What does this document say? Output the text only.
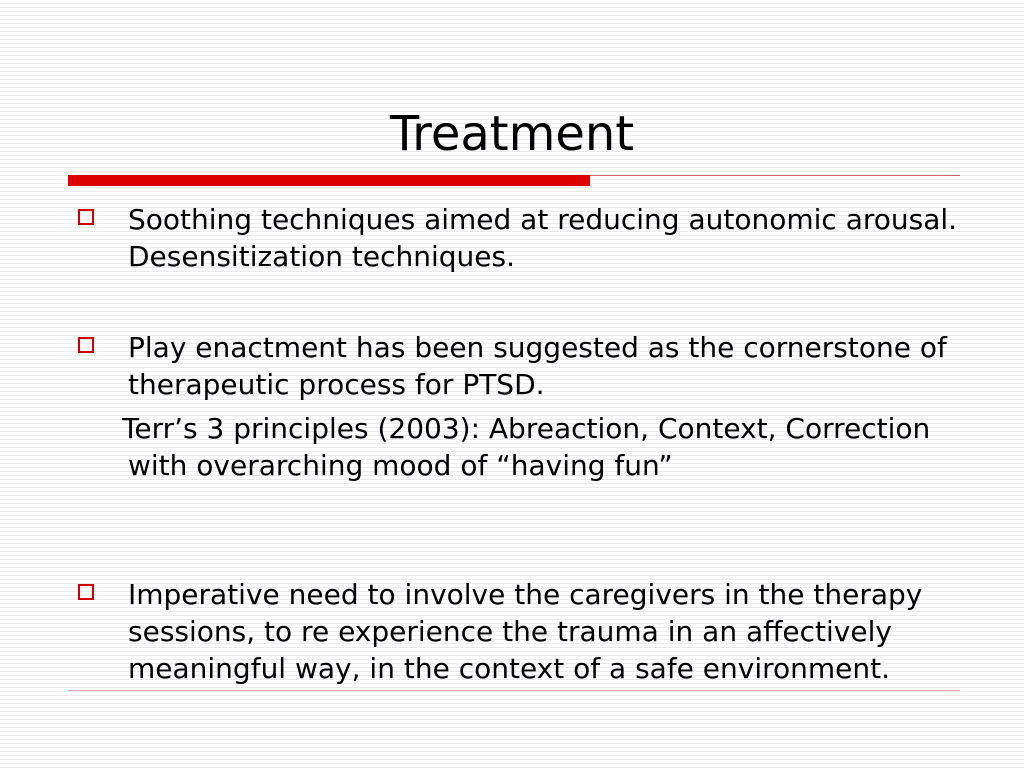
Treatment
Soothing techniques aimed at reducing autonomic arousal. Desensitization techniques.
Play enactment has been suggested as the cornerstone of therapeutic process for PTSD.
Terr’s 3 principles (2003): Abreaction, Context, Correction with overarching mood of “having fun”
Imperative need to involve the caregivers in the therapy sessions, to re experience the trauma in an affectively meaningful way, in the context of a safe environment.
